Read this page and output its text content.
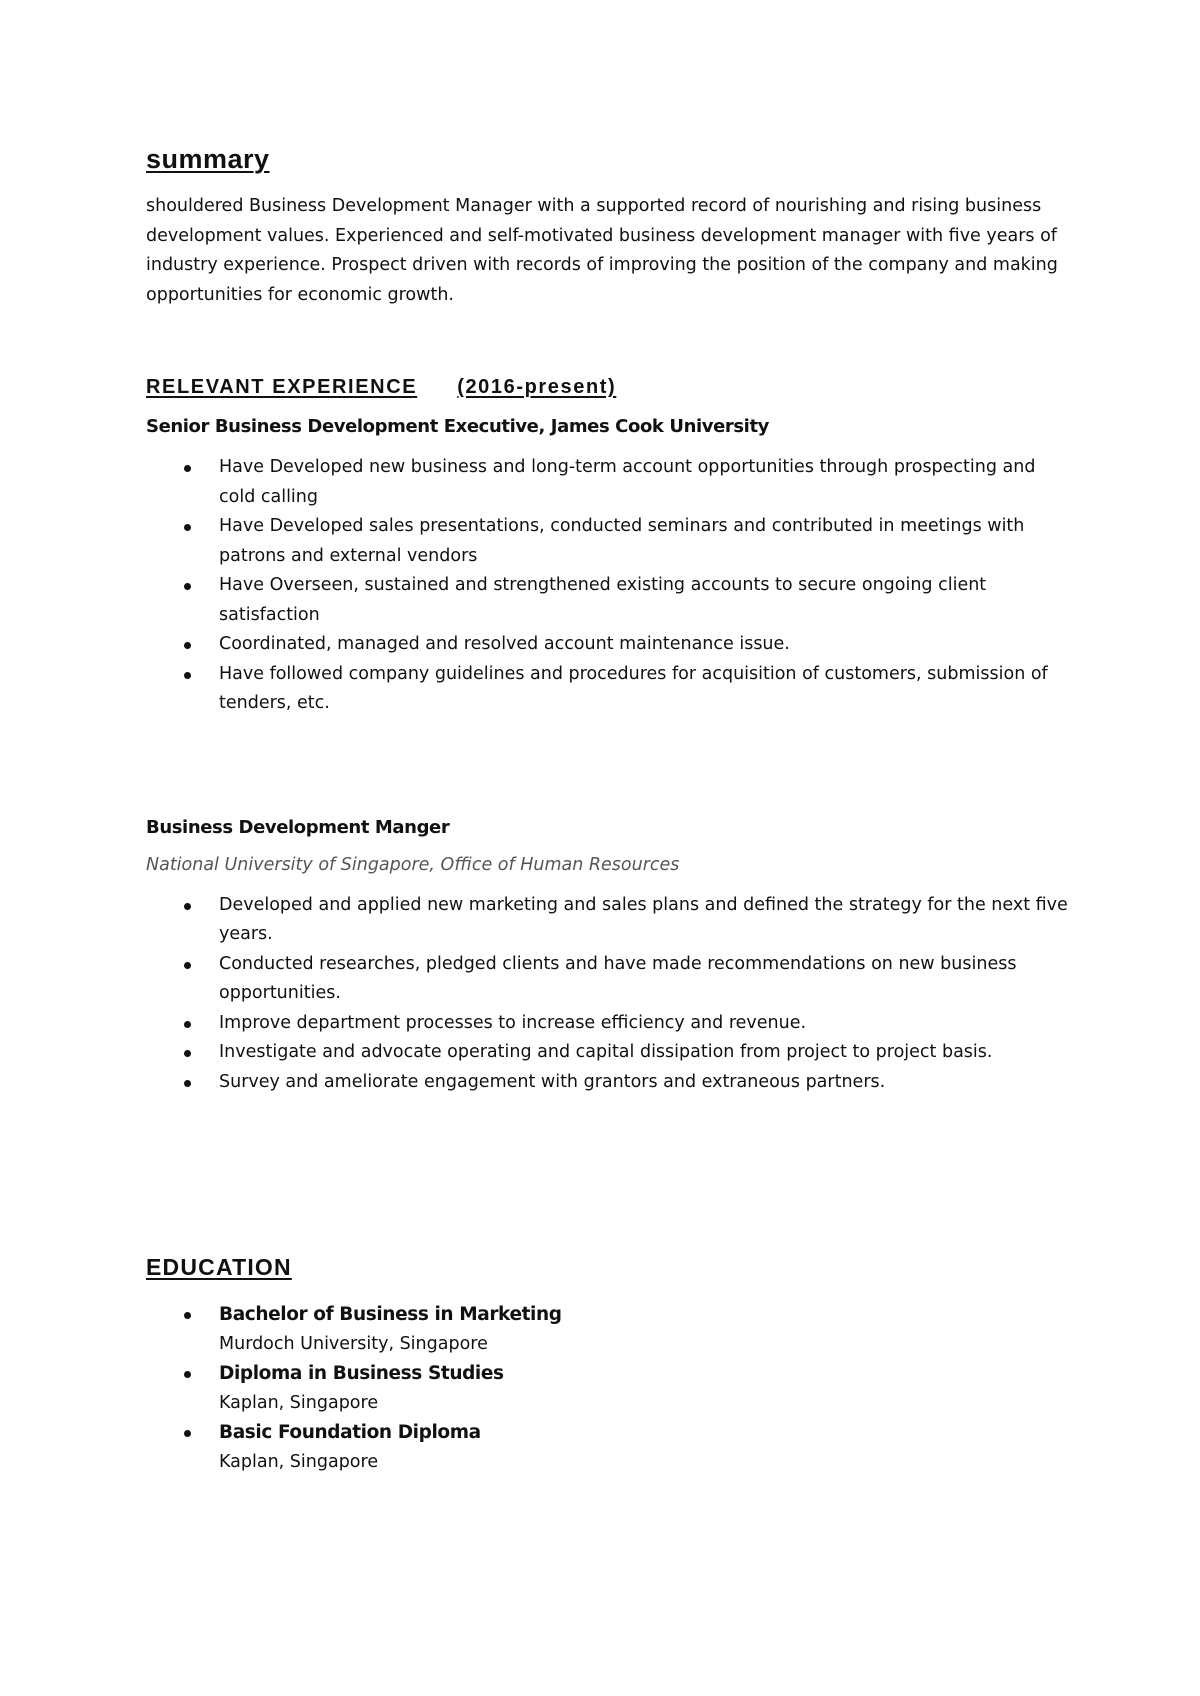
summary

shouldered Business Development Manager with a supported record of nourishing and rising business development values. Experienced and self-motivated business development manager with five years of industry experience. Prospect driven with records of improving the position of the company and making opportunities for economic growth.

RELEVANT EXPERIENCE (2016-present)
Senior Business Development Executive, James Cook University
Have Developed new business and long-term account opportunities through prospecting and cold calling
Have Developed sales presentations, conducted seminars and contributed in meetings with patrons and external vendors
Have Overseen, sustained and strengthened existing accounts to secure ongoing client satisfaction
Coordinated, managed and resolved account maintenance issue.
Have followed company guidelines and procedures for acquisition of customers, submission of tenders, etc.
Business Development Manger

National University of Singapore, Office of Human Resources

Developed and applied new marketing and sales plans and defined the strategy for the next five years.
Conducted researches, pledged clients and have made recommendations on new business opportunities.
Improve department processes to increase efficiency and revenue.
Investigate and advocate operating and capital dissipation from project to project basis.
Survey and ameliorate engagement with grantors and extraneous partners.
EDUCATION
Bachelor of Business in Marketing
Murdoch University, Singapore
Diploma in Business Studies
Kaplan, Singapore
Basic Foundation Diploma
Kaplan, Singapore
